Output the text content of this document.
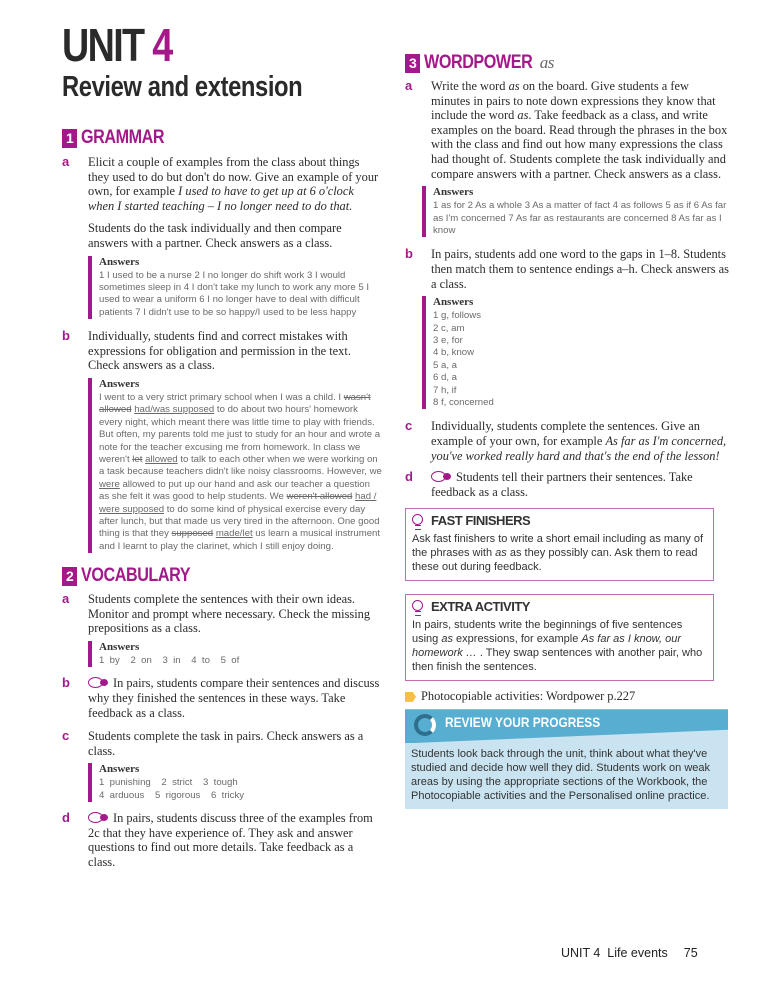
UNIT 4
Review and extension
1 GRAMMAR
a	Elicit a couple of examples from the class about things they used to do but don't do now. Give an example of your own, for example I used to have to get up at 6 o'clock when I started teaching – I no longer need to do that.
Students do the task individually and then compare answers with a partner. Check answers as a class.
Answers
1 I used to be a nurse 2 I no longer do shift work 3 I would sometimes sleep in 4 I don't take my lunch to work any more 5 I used to wear a uniform 6 I no longer have to deal with difficult patients 7 I didn't use to be so happy/I used to be less happy
b	Individually, students find and correct mistakes with expressions for obligation and permission in the text. Check answers as a class.
Answers
I went to a very strict primary school when I was a child. I wasn't allowed had/was supposed to do about two hours' homework every night, which meant there was little time to play with friends. But often, my parents told me just to study for an hour and wrote a note for the teacher excusing me from homework. In class we weren't let allowed to talk to each other when we were working on a task because teachers didn't like noisy classrooms. However, we were allowed to put up our hand and ask our teacher a question as she felt it was good to help students. We weren't allowed had / were supposed to do some kind of physical exercise every day after lunch, but that made us very tired in the afternoon. One good thing is that they supposed made/let us learn a musical instrument and I learnt to play the clarinet, which I still enjoy doing.
2 VOCABULARY
a	Students complete the sentences with their own ideas. Monitor and prompt where necessary. Check the missing prepositions as a class.
Answers
1  by    2  on    3  in    4  to    5  of
b	In pairs, students compare their sentences and discuss why they finished the sentences in these ways. Take feedback as a class.
c	Students complete the task in pairs. Check answers as a class.
Answers
1  punishing    2  strict    3  tough
4  arduous    5  rigorous    6  tricky
d	In pairs, students discuss three of the examples from 2c that they have experience of. They ask and answer questions to find out more details. Take feedback as a class.
3 WORDPOWER as
a	Write the word as on the board. Give students a few minutes in pairs to note down expressions they know that include the word as. Take feedback as a class, and write examples on the board. Read through the phrases in the box with the class and find out how many expressions the class had thought of. Students complete the task individually and compare answers with a partner. Check answers as a class.
Answers
1 as for 2 As a whole 3 As a matter of fact 4 as follows 5 as if 6 As far as I'm concerned 7 As far as restaurants are concerned 8 As far as I know
b	In pairs, students add one word to the gaps in 1–8. Students then match them to sentence endings a–h. Check answers as a class.
Answers
1 g, follows
2 c, am
3 e, for
4 b, know
5 a, a
6 d, a
7 h, if
8 f, concerned
c	Individually, students complete the sentences. Give an example of your own, for example As far as I'm concerned, you've worked really hard and that's the end of the lesson!
d	Students tell their partners their sentences. Take feedback as a class.
FAST FINISHERS
Ask fast finishers to write a short email including as many of the phrases with as as they possibly can. Ask them to read these out during feedback.
EXTRA ACTIVITY
In pairs, students write the beginnings of five sentences using as expressions, for example As far as I know, our homework … . They swap sentences with another pair, who then finish the sentences.
Photocopiable activities: Wordpower p.227
REVIEW YOUR PROGRESS
Students look back through the unit, think about what they've studied and decide how well they did. Students work on weak areas by using the appropriate sections of the Workbook, the Photocopiable activities and the Personalised online practice.
UNIT 4  Life events 75
